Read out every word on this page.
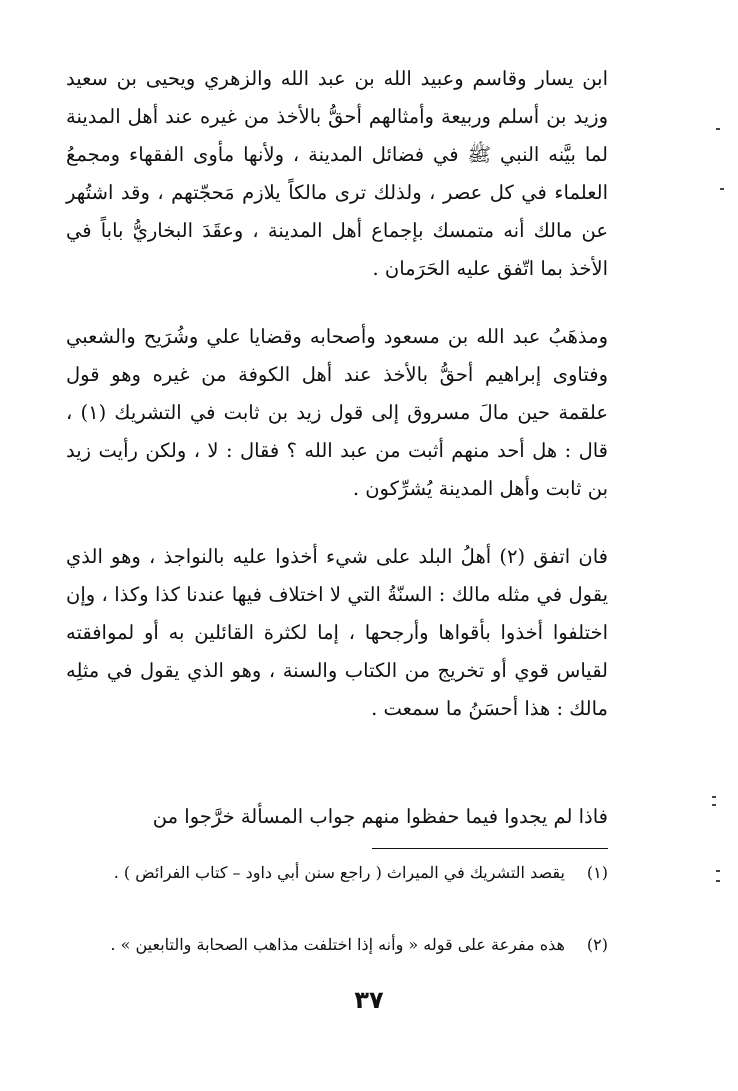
ابن يسار وقاسم وعبيد الله بن عبد الله والزهري ويحيى بن سعيد وزيد بن أسلم وربيعة وأمثالهم أحقُّ بالأخذ من غيره عند أهل المدينة لما بيَّنه النبي ﷺ في فضائل المدينة ، ولأنها مأوى الفقهاء ومجمعُ العلماء في كل عصر ، ولذلك ترى مالكاً يلازم مَحجّتهم ، وقد اشتُهر عن مالك أنه متمسك بإجماع أهل المدينة ، وعقَدَ البخاريُّ باباً في الأخذ بما اتّفق عليه الحَرَمان .

ومذهَبُ عبد الله بن مسعود وأصحابه وقضايا علي وشُرَيح والشعبي وفتاوى إبراهيم أحقُّ بالأخذ عند أهل الكوفة من غيره وهو قول علقمة حين مالَ مسروق إلى قول زيد بن ثابت في التشريك (١) ، قال : هل أحد منهم أثبت من عبد الله ؟ فقال : لا ، ولكن رأيت زيد بن ثابت وأهل المدينة يُشرِّكون .

فان اتفق (٢) أهلُ البلد على شيء أخذوا عليه بالنواجذ ، وهو الذي يقول في مثله مالك : السنّةُ التي لا اختلاف فيها عندنا كذا وكذا ، وإن اختلفوا أخذوا بأقواها وأرجحها ، إما لكثرة القائلين به أو لموافقته لقياس قوي أو تخريج من الكتاب والسنة ، وهو الذي يقول في مثلِه مالك : هذا أحسَنُ ما سمعت .

فاذا لم يجدوا فيما حفظوا منهم جواب المسألة خرَّجوا من

(١) يقصد التشريك في الميراث ( راجع سنن أبي داود – كتاب الفرائض ) .

(٢) هذه مفرعة على قوله « وأنه إذا اختلفت مذاهب الصحابة والتابعين » .

٣٧
